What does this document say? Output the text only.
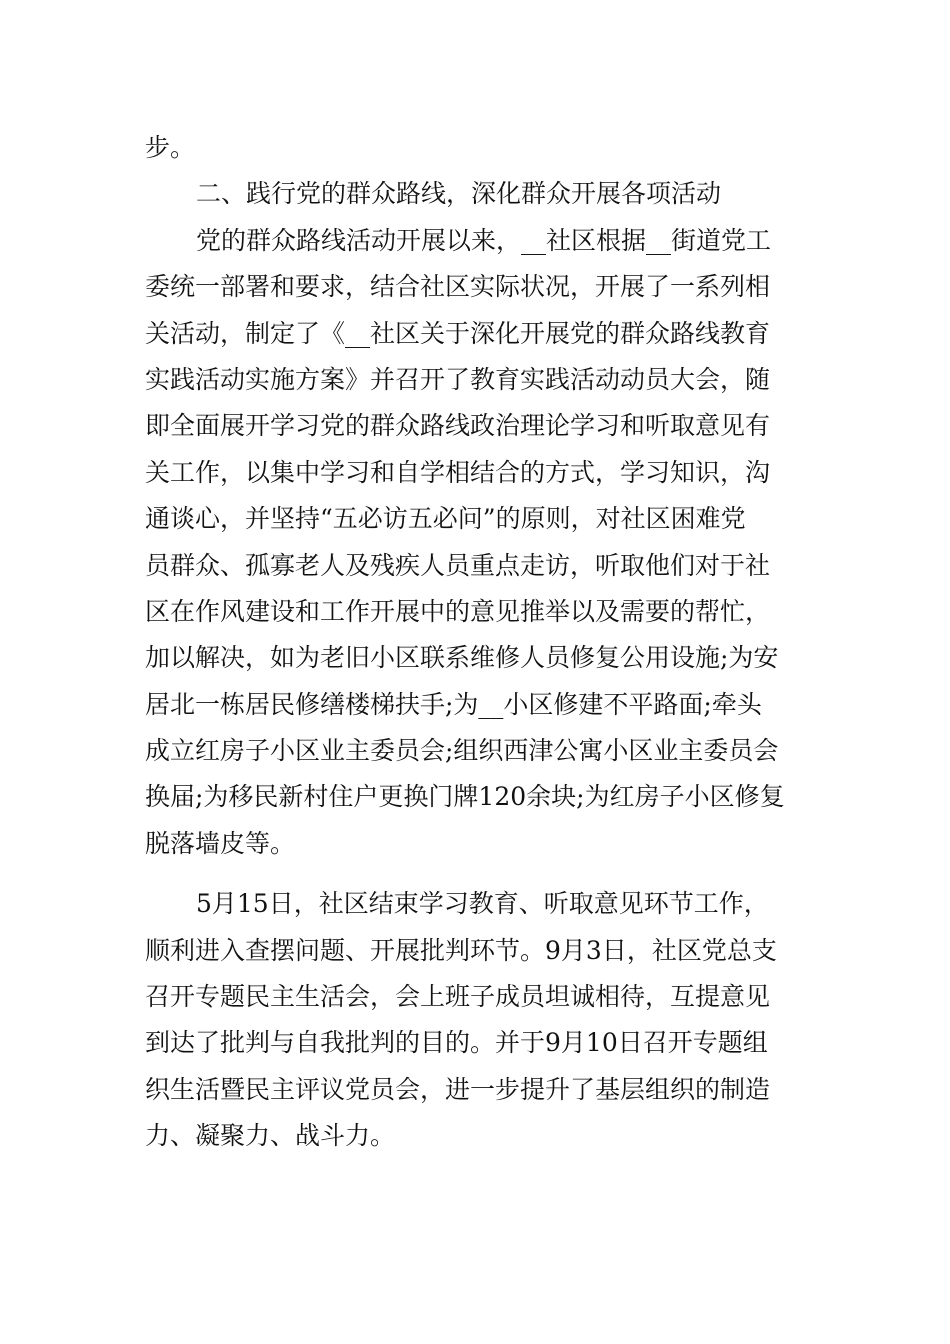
步。
二、践行党的群众路线，深化群众开展各项活动
党的群众路线活动开展以来，__社区根据__街道党工
委统一部署和要求，结合社区实际状况，开展了一系列相
关活动，制定了《__社区关于深化开展党的群众路线教育
实践活动实施方案》并召开了教育实践活动动员大会，随
即全面展开学习党的群众路线政治理论学习和听取意见有
关工作，以集中学习和自学相结合的方式，学习知识，沟
通谈心，并坚持“五必访五必问”的原则，对社区困难党
员群众、孤寡老人及残疾人员重点走访，听取他们对于社
区在作风建设和工作开展中的意见推举以及需要的帮忙，
加以解决，如为老旧小区联系维修人员修复公用设施;为安
居北一栋居民修缮楼梯扶手;为__小区修建不平路面;牵头
成立红房子小区业主委员会;组织西津公寓小区业主委员会
换届;为移民新村住户更换门牌120余块;为红房子小区修复
脱落墙皮等。
5月15日，社区结束学习教育、听取意见环节工作，
顺利进入查摆问题、开展批判环节。9月3日，社区党总支
召开专题民主生活会，会上班子成员坦诚相待，互提意见
到达了批判与自我批判的目的。并于9月10日召开专题组
织生活暨民主评议党员会，进一步提升了基层组织的制造
力、凝聚力、战斗力。
